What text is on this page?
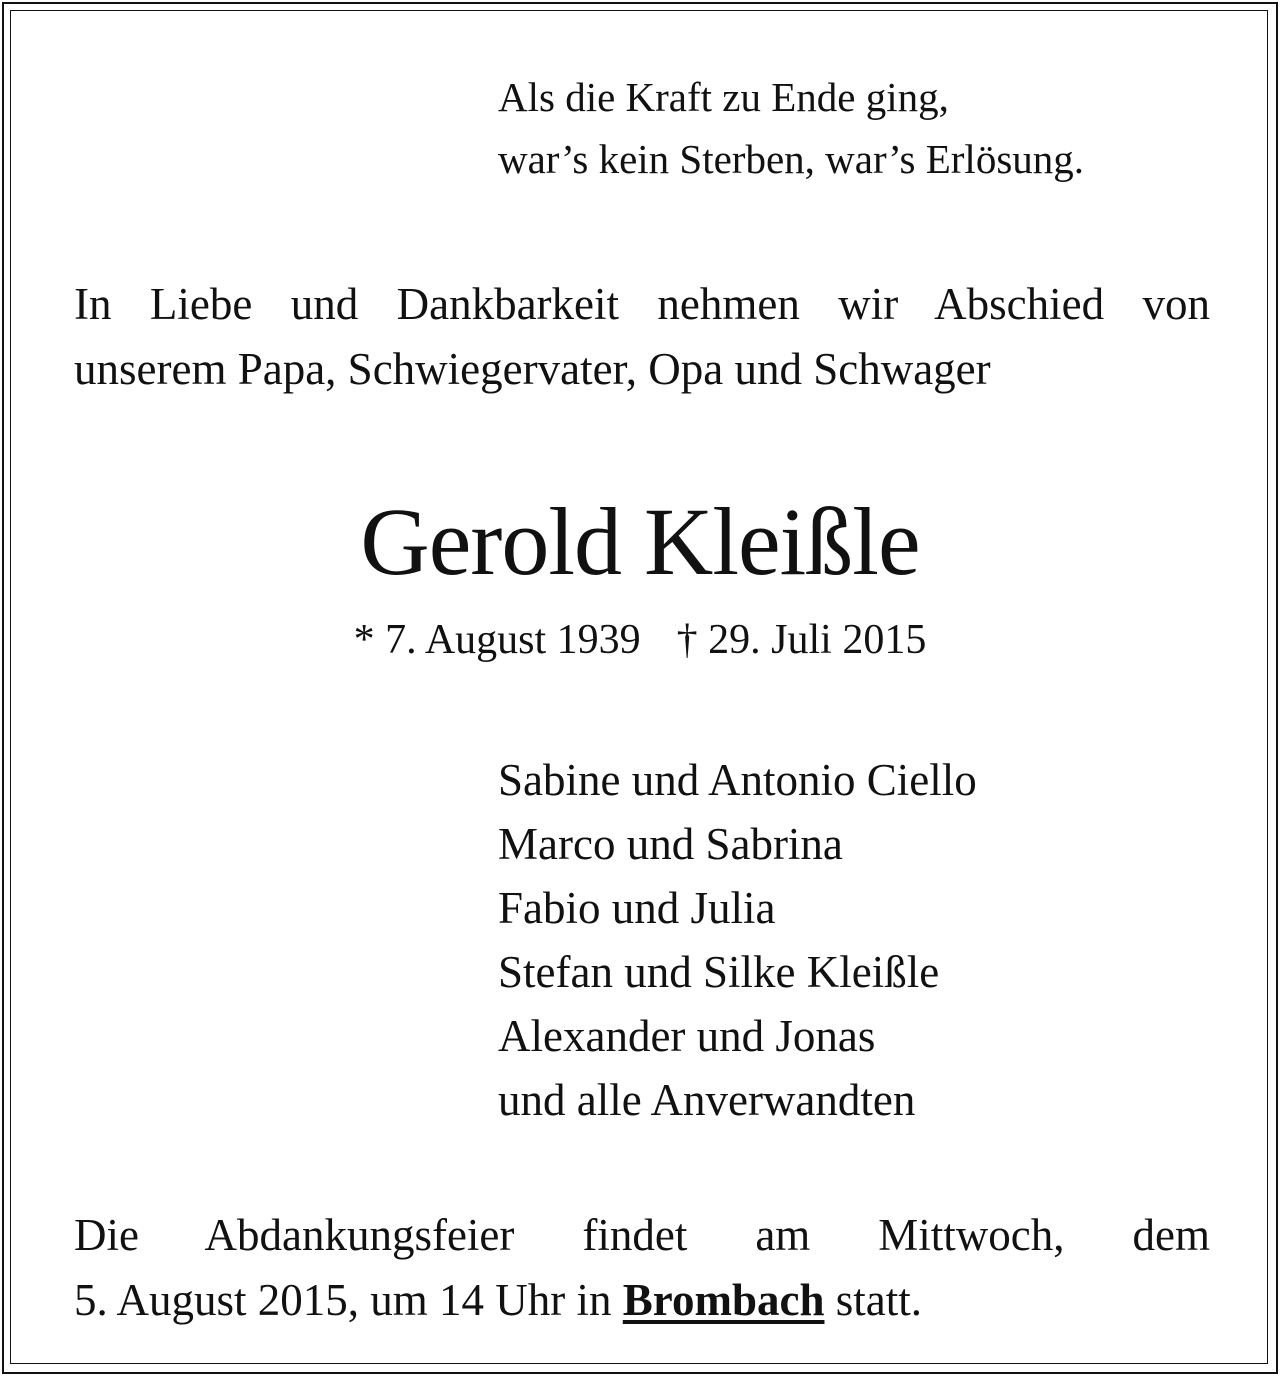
Als die Kraft zu Ende ging,
war’s kein Sterben, war’s Erlösung.

In Liebe und Dankbarkeit nehmen wir Abschied von
unserem Papa, Schwiegervater, Opa und Schwager

Gerold Kleißle

* 7. August 1939 † 29. Juli 2015

Sabine und Antonio Ciello
Marco und Sabrina
Fabio und Julia
Stefan und Silke Kleißle
Alexander und Jonas
und alle Anverwandten

Die Abdankungsfeier findet am Mittwoch, dem
5. August 2015, um 14 Uhr in Brombach statt.
